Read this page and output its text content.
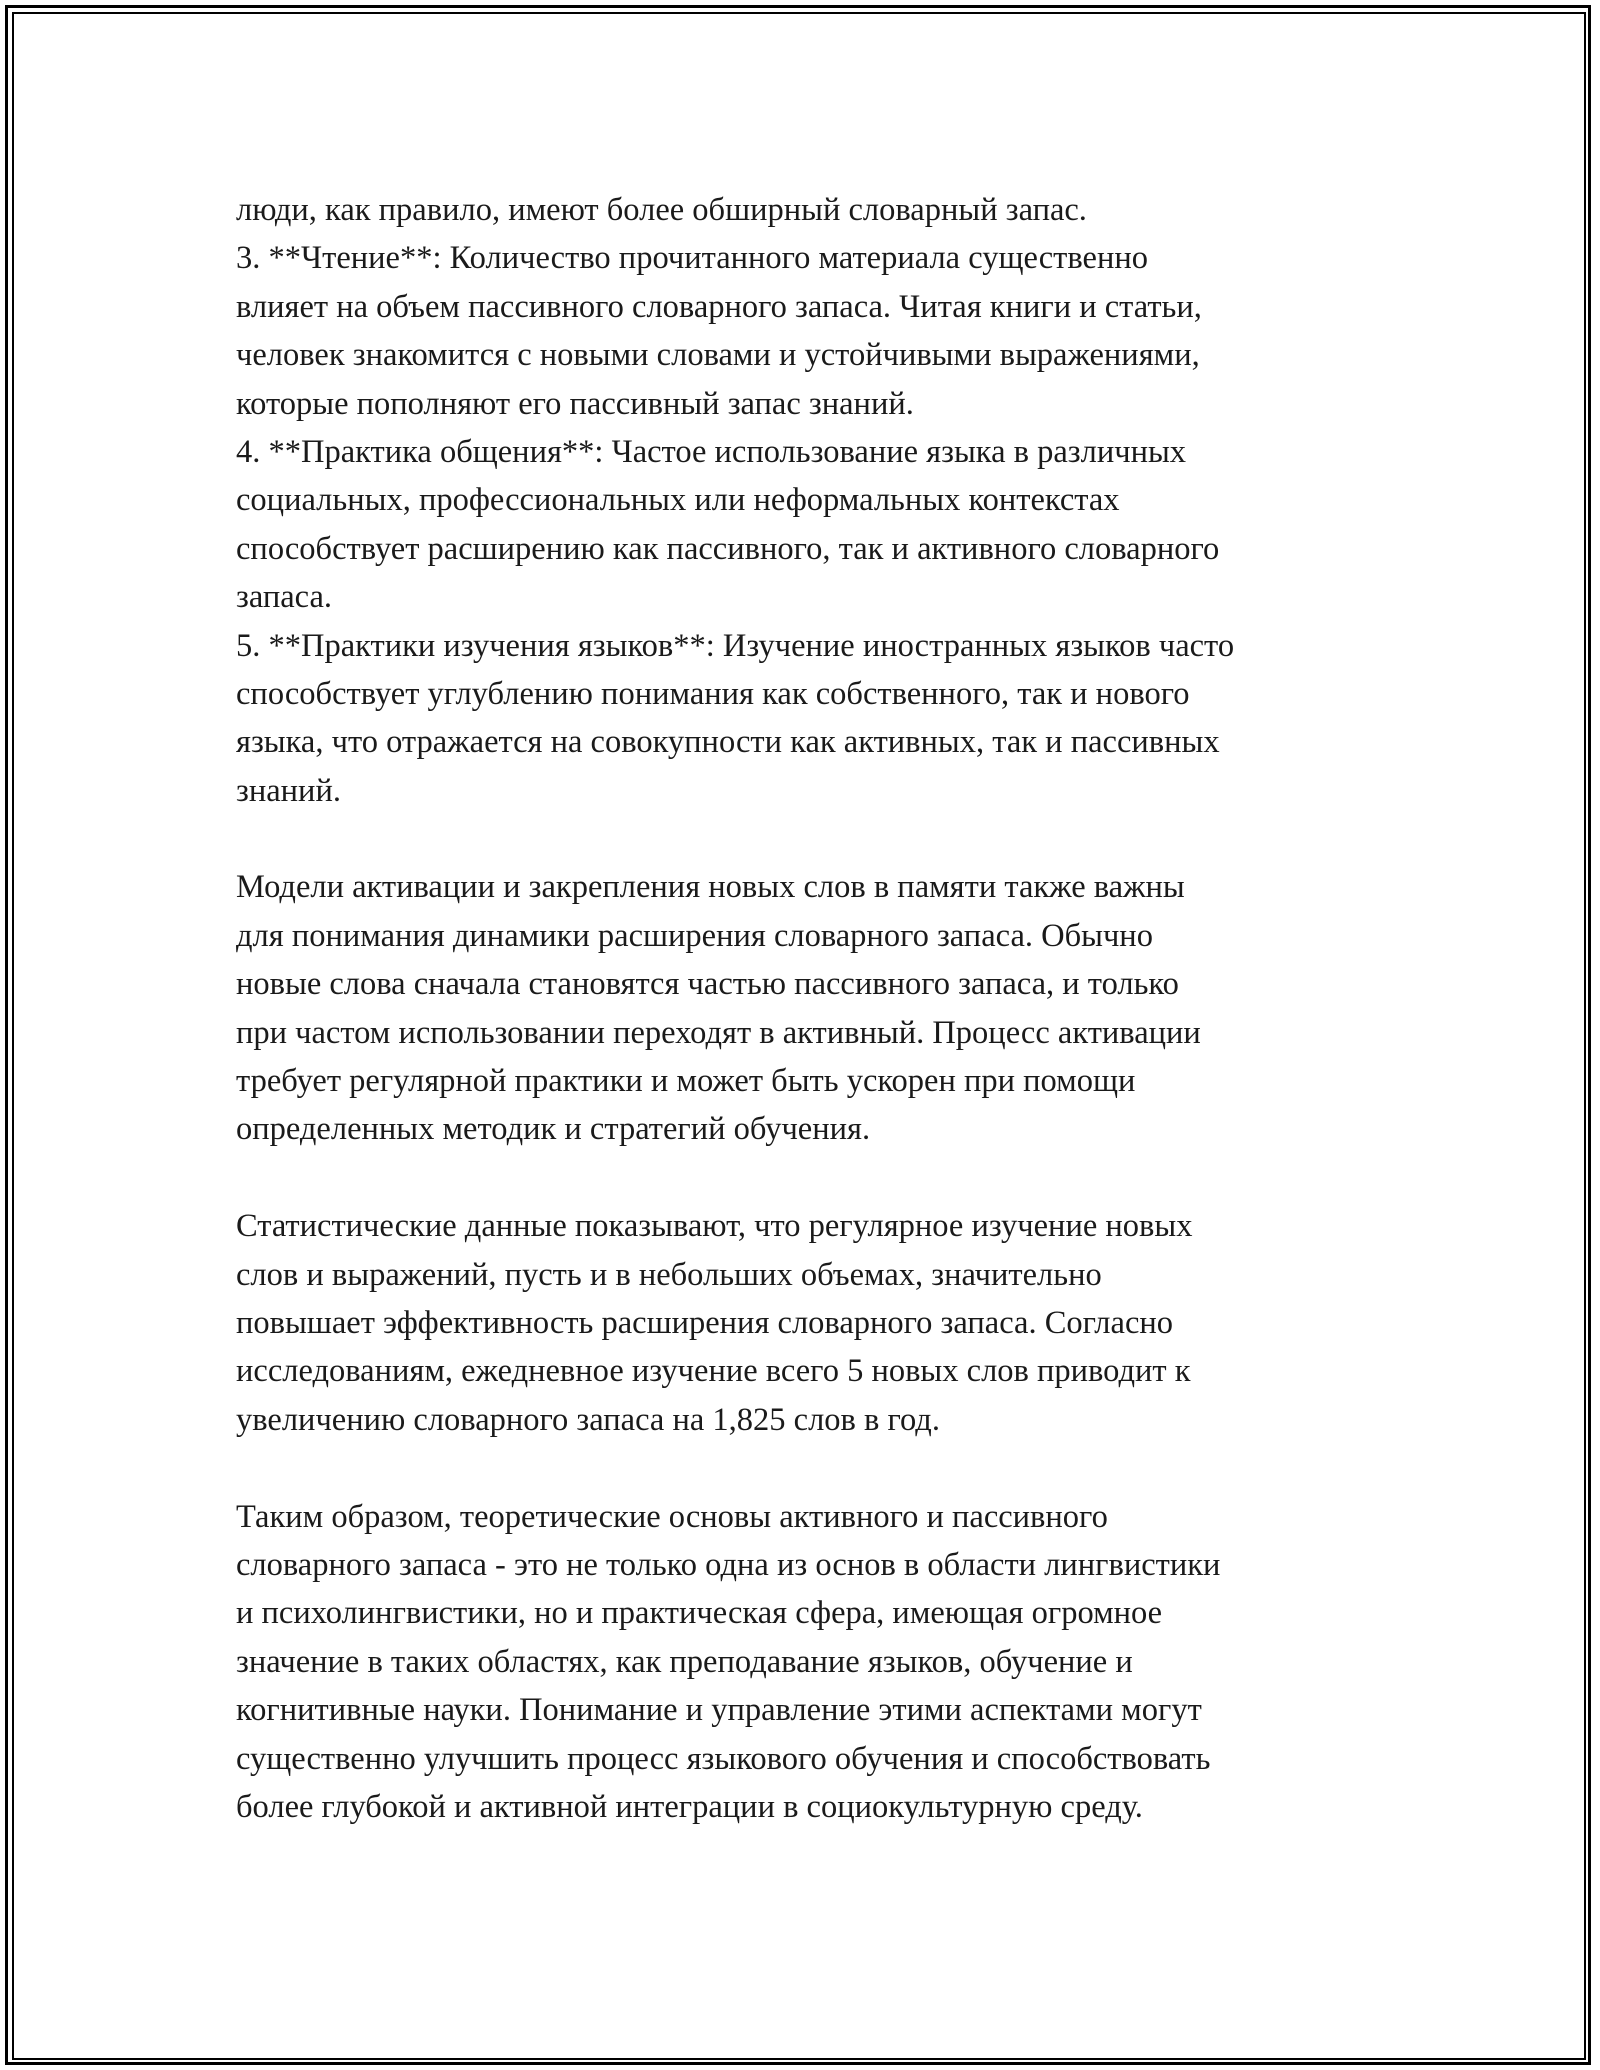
люди, как правило, имеют более обширный словарный запас.
3. **Чтение**: Количество прочитанного материала существенно
влияет на объем пассивного словарного запаса. Читая книги и статьи,
человек знакомится с новыми словами и устойчивыми выражениями,
которые пополняют его пассивный запас знаний.
4. **Практика общения**: Частое использование языка в различных
социальных, профессиональных или неформальных контекстах
способствует расширению как пассивного, так и активного словарного
запаса.
5. **Практики изучения языков**: Изучение иностранных языков часто
способствует углублению понимания как собственного, так и нового
языка, что отражается на совокупности как активных, так и пассивных
знаний.
Модели активации и закрепления новых слов в памяти также важны
для понимания динамики расширения словарного запаса. Обычно
новые слова сначала становятся частью пассивного запаса, и только
при частом использовании переходят в активный. Процесс активации
требует регулярной практики и может быть ускорен при помощи
определенных методик и стратегий обучения.
Статистические данные показывают, что регулярное изучение новых
слов и выражений, пусть и в небольших объемах, значительно
повышает эффективность расширения словарного запаса. Согласно
исследованиям, ежедневное изучение всего 5 новых слов приводит к
увеличению словарного запаса на 1,825 слов в год.
Таким образом, теоретические основы активного и пассивного
словарного запаса - это не только одна из основ в области лингвистики
и психолингвистики, но и практическая сфера, имеющая огромное
значение в таких областях, как преподавание языков, обучение и
когнитивные науки. Понимание и управление этими аспектами могут
существенно улучшить процесс языкового обучения и способствовать
более глубокой и активной интеграции в социокультурную среду.
